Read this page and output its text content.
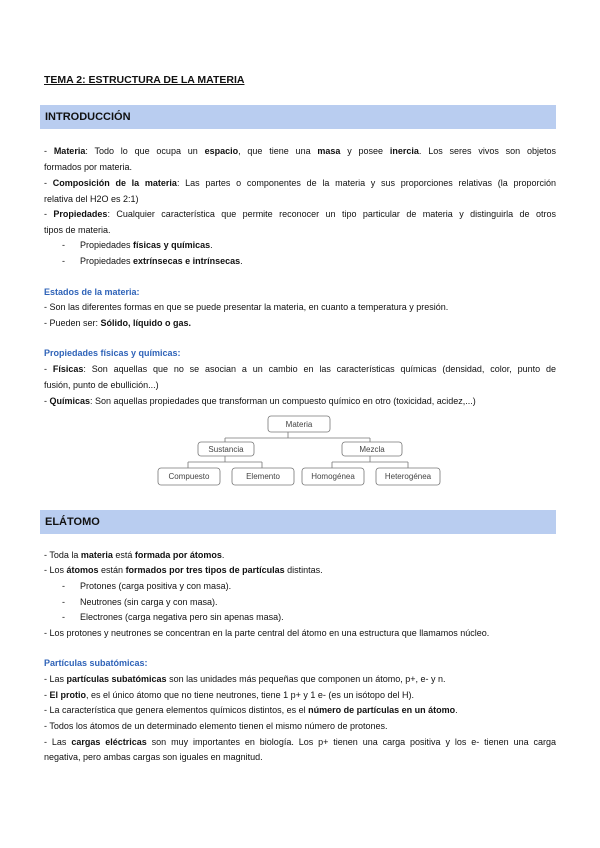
TEMA 2: ESTRUCTURA DE LA MATERIA
INTRODUCCIÓN
- Materia: Todo lo que ocupa un espacio, que tiene una masa y posee inercia. Los seres vivos son objetos
formados por materia.
- Composición de la materia: Las partes o componentes de la materia y sus proporciones relativas (la proporción
relativa del H2O es 2:1)
- Propiedades: Cualquier característica que permite reconocer un tipo particular de materia y distinguirla de otros
tipos de materia.
- Propiedades físicas y químicas.
- Propiedades extrínsecas e intrínsecas.
Estados de la materia:
- Son las diferentes formas en que se puede presentar la materia, en cuanto a temperatura y presión.
- Pueden ser: Sólido, líquido o gas.
Propiedades físicas y químicas:
- Físicas: Son aquellas que no se asocian a un cambio en las características químicas (densidad, color, punto de
fusión, punto de ebullición...)
- Químicas: Son aquellas propiedades que transforman un compuesto químico en otro (toxicidad, acidez,...)
Materia
Sustancia	Mezcla
Compuesto	Elemento	Homogénea	Heterogénea
ELÁTOMO
- Toda la materia está formada por átomos.
- Los átomos están formados por tres tipos de partículas distintas.
- Protones (carga positiva y con masa).
- Neutrones (sin carga y con masa).
- Electrones (carga negativa pero sin apenas masa).
- Los protones y neutrones se concentran en la parte central del átomo en una estructura que llamamos núcleo.
Partículas subatómicas:
- Las partículas subatómicas son las unidades más pequeñas que componen un átomo, p+, e- y n.
- El protio, es el único átomo que no tiene neutrones, tiene 1 p+ y 1 e- (es un isótopo del H).
- La característica que genera elementos químicos distintos, es el número de partículas en un átomo.
- Todos los átomos de un determinado elemento tienen el mismo número de protones.
- Las cargas eléctricas son muy importantes en biología. Los p+ tienen una carga positiva y los e- tienen una carga
negativa, pero ambas cargas son iguales en magnitud.
